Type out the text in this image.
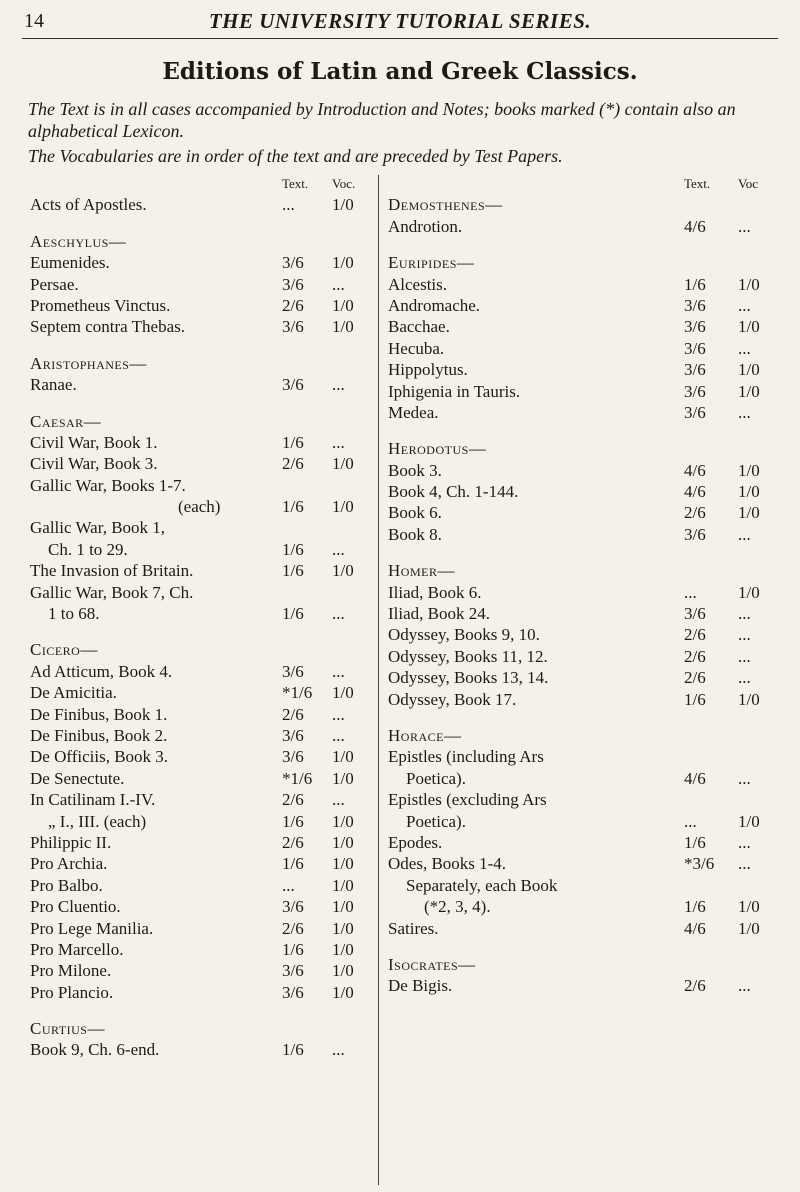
14	THE UNIVERSITY TUTORIAL SERIES.
Editions of Latin and Greek Classics.
The Text is in all cases accompanied by Introduction and Notes; books marked (*) contain also an alphabetical Lexicon.
The Vocabularies are in order of the text and are preceded by Test Papers.
Text. Voc.
Acts of Apostles.	... 1/0
Aeschylus—
Eumenides.	3/6 1/0
Persae.	3/6 ...
Prometheus Vinctus.	2/6 1/0
Septem contra Thebas.	3/6 1/0
Aristophanes—
Ranae.	3/6 ...
Caesar—
Civil War, Book 1.	1/6 ...
Civil War, Book 3.	2/6 1/0
Gallic War, Books 1-7.
(each)	1/6 1/0
Gallic War, Book 1,
Ch. 1 to 29.	1/6 ...
The Invasion of Britain.	1/6 1/0
Gallic War, Book 7, Ch.
1 to 68.	1/6 ...
Cicero—
Ad Atticum, Book 4.	3/6 ...
De Amicitia.	*1/6 1/0
De Finibus, Book 1.	2/6 ...
De Finibus, Book 2.	3/6 ...
De Officiis, Book 3.	3/6 1/0
De Senectute.	*1/6 1/0
In Catilinam I.-IV.	2/6 ...
„ I., III. (each)	1/6 1/0
Philippic II.	2/6 1/0
Pro Archia.	1/6 1/0
Pro Balbo.	... 1/0
Pro Cluentio.	3/6 1/0
Pro Lege Manilia.	2/6 1/0
Pro Marcello.	1/6 1/0
Pro Milone.	3/6 1/0
Pro Plancio.	3/6 1/0
Curtius—
Book 9, Ch. 6-end.	1/6 ...
Text. Voc
Demosthenes—
Androtion.	4/6 ...
Euripides—
Alcestis.	1/6 1/0
Andromache.	3/6 ...
Bacchae.	3/6 1/0
Hecuba.	3/6 ...
Hippolytus.	3/6 1/0
Iphigenia in Tauris.	3/6 1/0
Medea.	3/6 ...
Herodotus—
Book 3.	4/6 1/0
Book 4, Ch. 1-144.	4/6 1/0
Book 6.	2/6 1/0
Book 8.	3/6 ...
Homer—
Iliad, Book 6.	... 1/0
Iliad, Book 24.	3/6 ...
Odyssey, Books 9, 10.	2/6 ...
Odyssey, Books 11, 12.	2/6 ...
Odyssey, Books 13, 14.	2/6 ...
Odyssey, Book 17.	1/6 1/0
Horace—
Epistles (including Ars
Poetica).	4/6 ...
Epistles (excluding Ars
Poetica).	... 1/0
Epodes.	1/6 ...
Odes, Books 1-4.	*3/6 ...
Separately, each Book
(*2, 3, 4).	1/6 1/0
Satires.	4/6 1/0
Isocrates—
De Bigis.	2/6 ...
